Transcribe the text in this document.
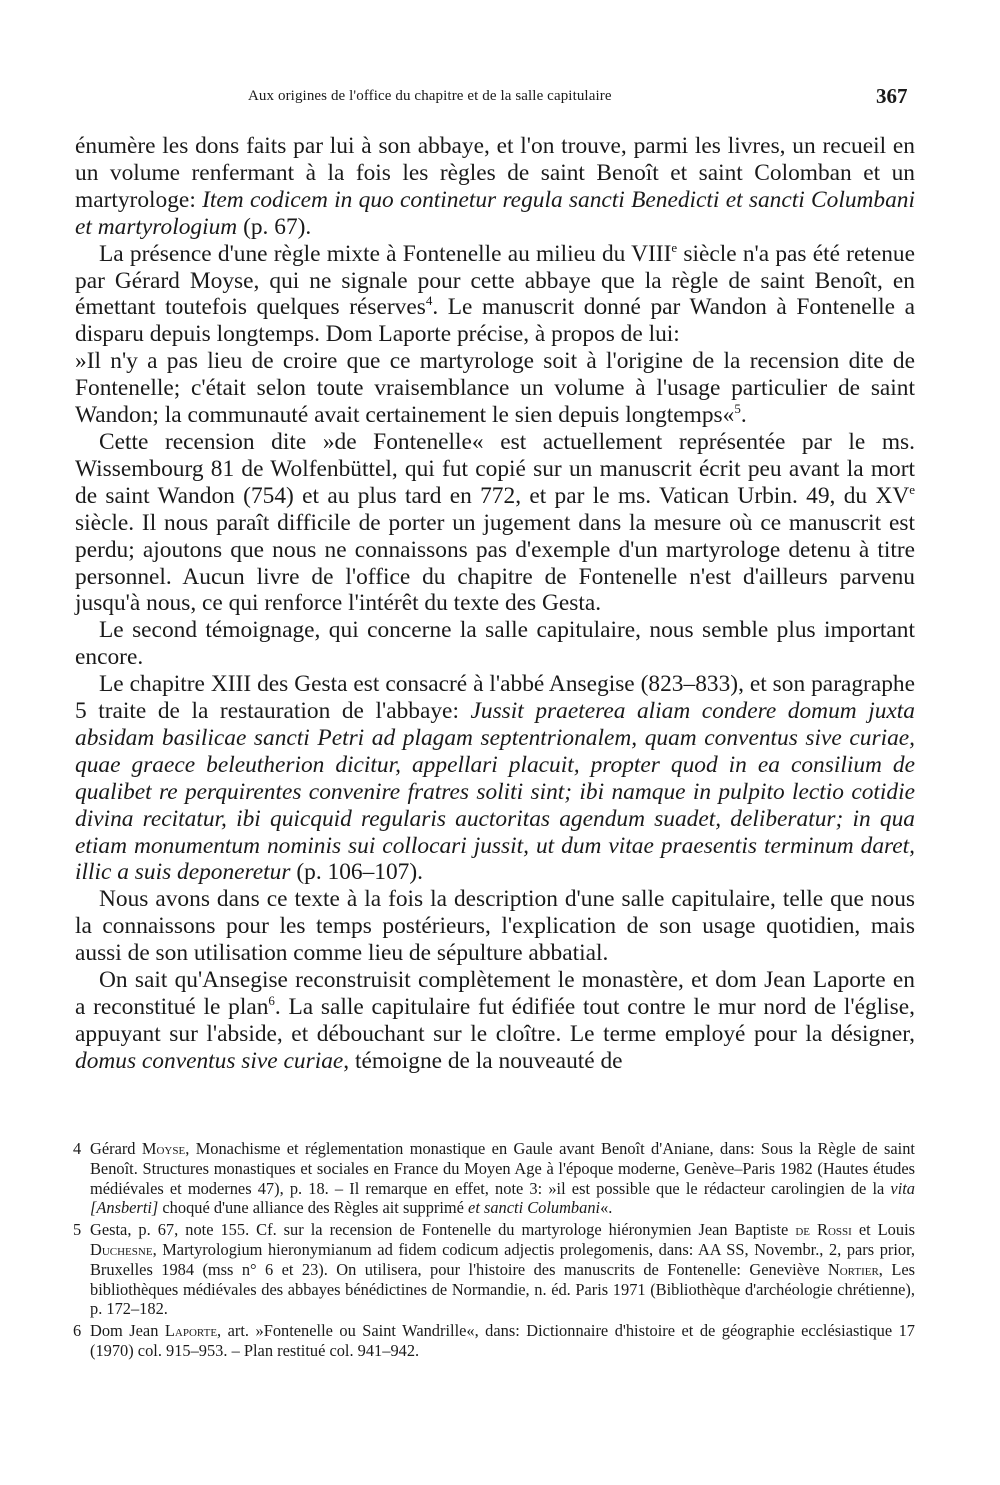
Aux origines de l'office du chapitre et de la salle capitulaire	367

énumère les dons faits par lui à son abbaye, et l'on trouve, parmi les livres, un recueil en un volume renfermant à la fois les règles de saint Benoît et saint Colomban et un martyrologe: Item codicem in quo continetur regula sancti Benedicti et sancti Columbani et martyrologium (p. 67).

La présence d'une règle mixte à Fontenelle au milieu du VIIIe siècle n'a pas été retenue par Gérard Moyse, qui ne signale pour cette abbaye que la règle de saint Benoît, en émettant toutefois quelques réserves$^4$. Le manuscrit donné par Wandon à Fontenelle a disparu depuis longtemps. Dom Laporte précise, à propos de lui:

»Il n'y a pas lieu de croire que ce martyrologe soit à l'origine de la recension dite de Fontenelle; c'était selon toute vraisemblance un volume à l'usage particulier de saint Wandon; la communauté avait certainement le sien depuis longtemps«$^5$.

Cette recension dite »de Fontenelle« est actuellement représentée par le ms. Wissembourg 81 de Wolfenbüttel, qui fut copié sur un manuscrit écrit peu avant la mort de saint Wandon (754) et au plus tard en 772, et par le ms. Vatican Urbin. 49, du XVe siècle. Il nous paraît difficile de porter un jugement dans la mesure où ce manuscrit est perdu; ajoutons que nous ne connaissons pas d'exemple d'un martyrologe detenu à titre personnel. Aucun livre de l'office du chapitre de Fontenelle n'est d'ailleurs parvenu jusqu'à nous, ce qui renforce l'intérêt du texte des Gesta.

Le second témoignage, qui concerne la salle capitulaire, nous semble plus important encore.

Le chapitre XIII des Gesta est consacré à l'abbé Ansegise (823–833), et son paragraphe 5 traite de la restauration de l'abbaye: Jussit praeterea aliam condere domum juxta absidam basilicae sancti Petri ad plagam septentrionalem, quam conventus sive curiae, quae graece beleutherion dicitur, appellari placuit, propter quod in ea consilium de qualibet re perquirentes convenire fratres soliti sint; ibi namque in pulpito lectio cotidie divina recitatur, ibi quicquid regularis auctoritas agendum suadet, deliberatur; in qua etiam monumentum nominis sui collocari jussit, ut dum vitae praesentis terminum daret, illic a suis deponeretur (p. 106–107).

Nous avons dans ce texte à la fois la description d'une salle capitulaire, telle que nous la connaissons pour les temps postérieurs, l'explication de son usage quotidien, mais aussi de son utilisation comme lieu de sépulture abbatial.

On sait qu'Ansegise reconstruisit complètement le monastère, et dom Jean Laporte en a reconstitué le plan$^6$. La salle capitulaire fut édifiée tout contre le mur nord de l'église, appuyant sur l'abside, et débouchant sur le cloître. Le terme employé pour la désigner, domus conventus sive curiae, témoigne de la nouveauté de

4 Gérard Moyse, Monachisme et réglementation monastique en Gaule avant Benoît d'Aniane, dans: Sous la Règle de saint Benoît. Structures monastiques et sociales en France du Moyen Age à l'époque moderne, Genève–Paris 1982 (Hautes études médiévales et modernes 47), p. 18. – Il remarque en effet, note 3: »il est possible que le rédacteur carolingien de la vita [Ansberti] choqué d'une alliance des Règles ait supprimé et sancti Columbani«.
5 Gesta, p. 67, note 155. Cf. sur la recension de Fontenelle du martyrologe hiéronymien Jean Baptiste de Rossi et Louis Duchesne, Martyrologium hieronymianum ad fidem codicum adjectis prolegomenis, dans: AA SS, Novembr., 2, pars prior, Bruxelles 1984 (mss n° 6 et 23). On utilisera, pour l'histoire des manuscrits de Fontenelle: Geneviève Nortier, Les bibliothèques médiévales des abbayes bénédictines de Normandie, n. éd. Paris 1971 (Bibliothèque d'archéologie chrétienne), p. 172–182.
6 Dom Jean Laporte, art. »Fontenelle ou Saint Wandrille«, dans: Dictionnaire d'histoire et de géographie ecclésiastique 17 (1970) col. 915–953. – Plan restitué col. 941–942.
